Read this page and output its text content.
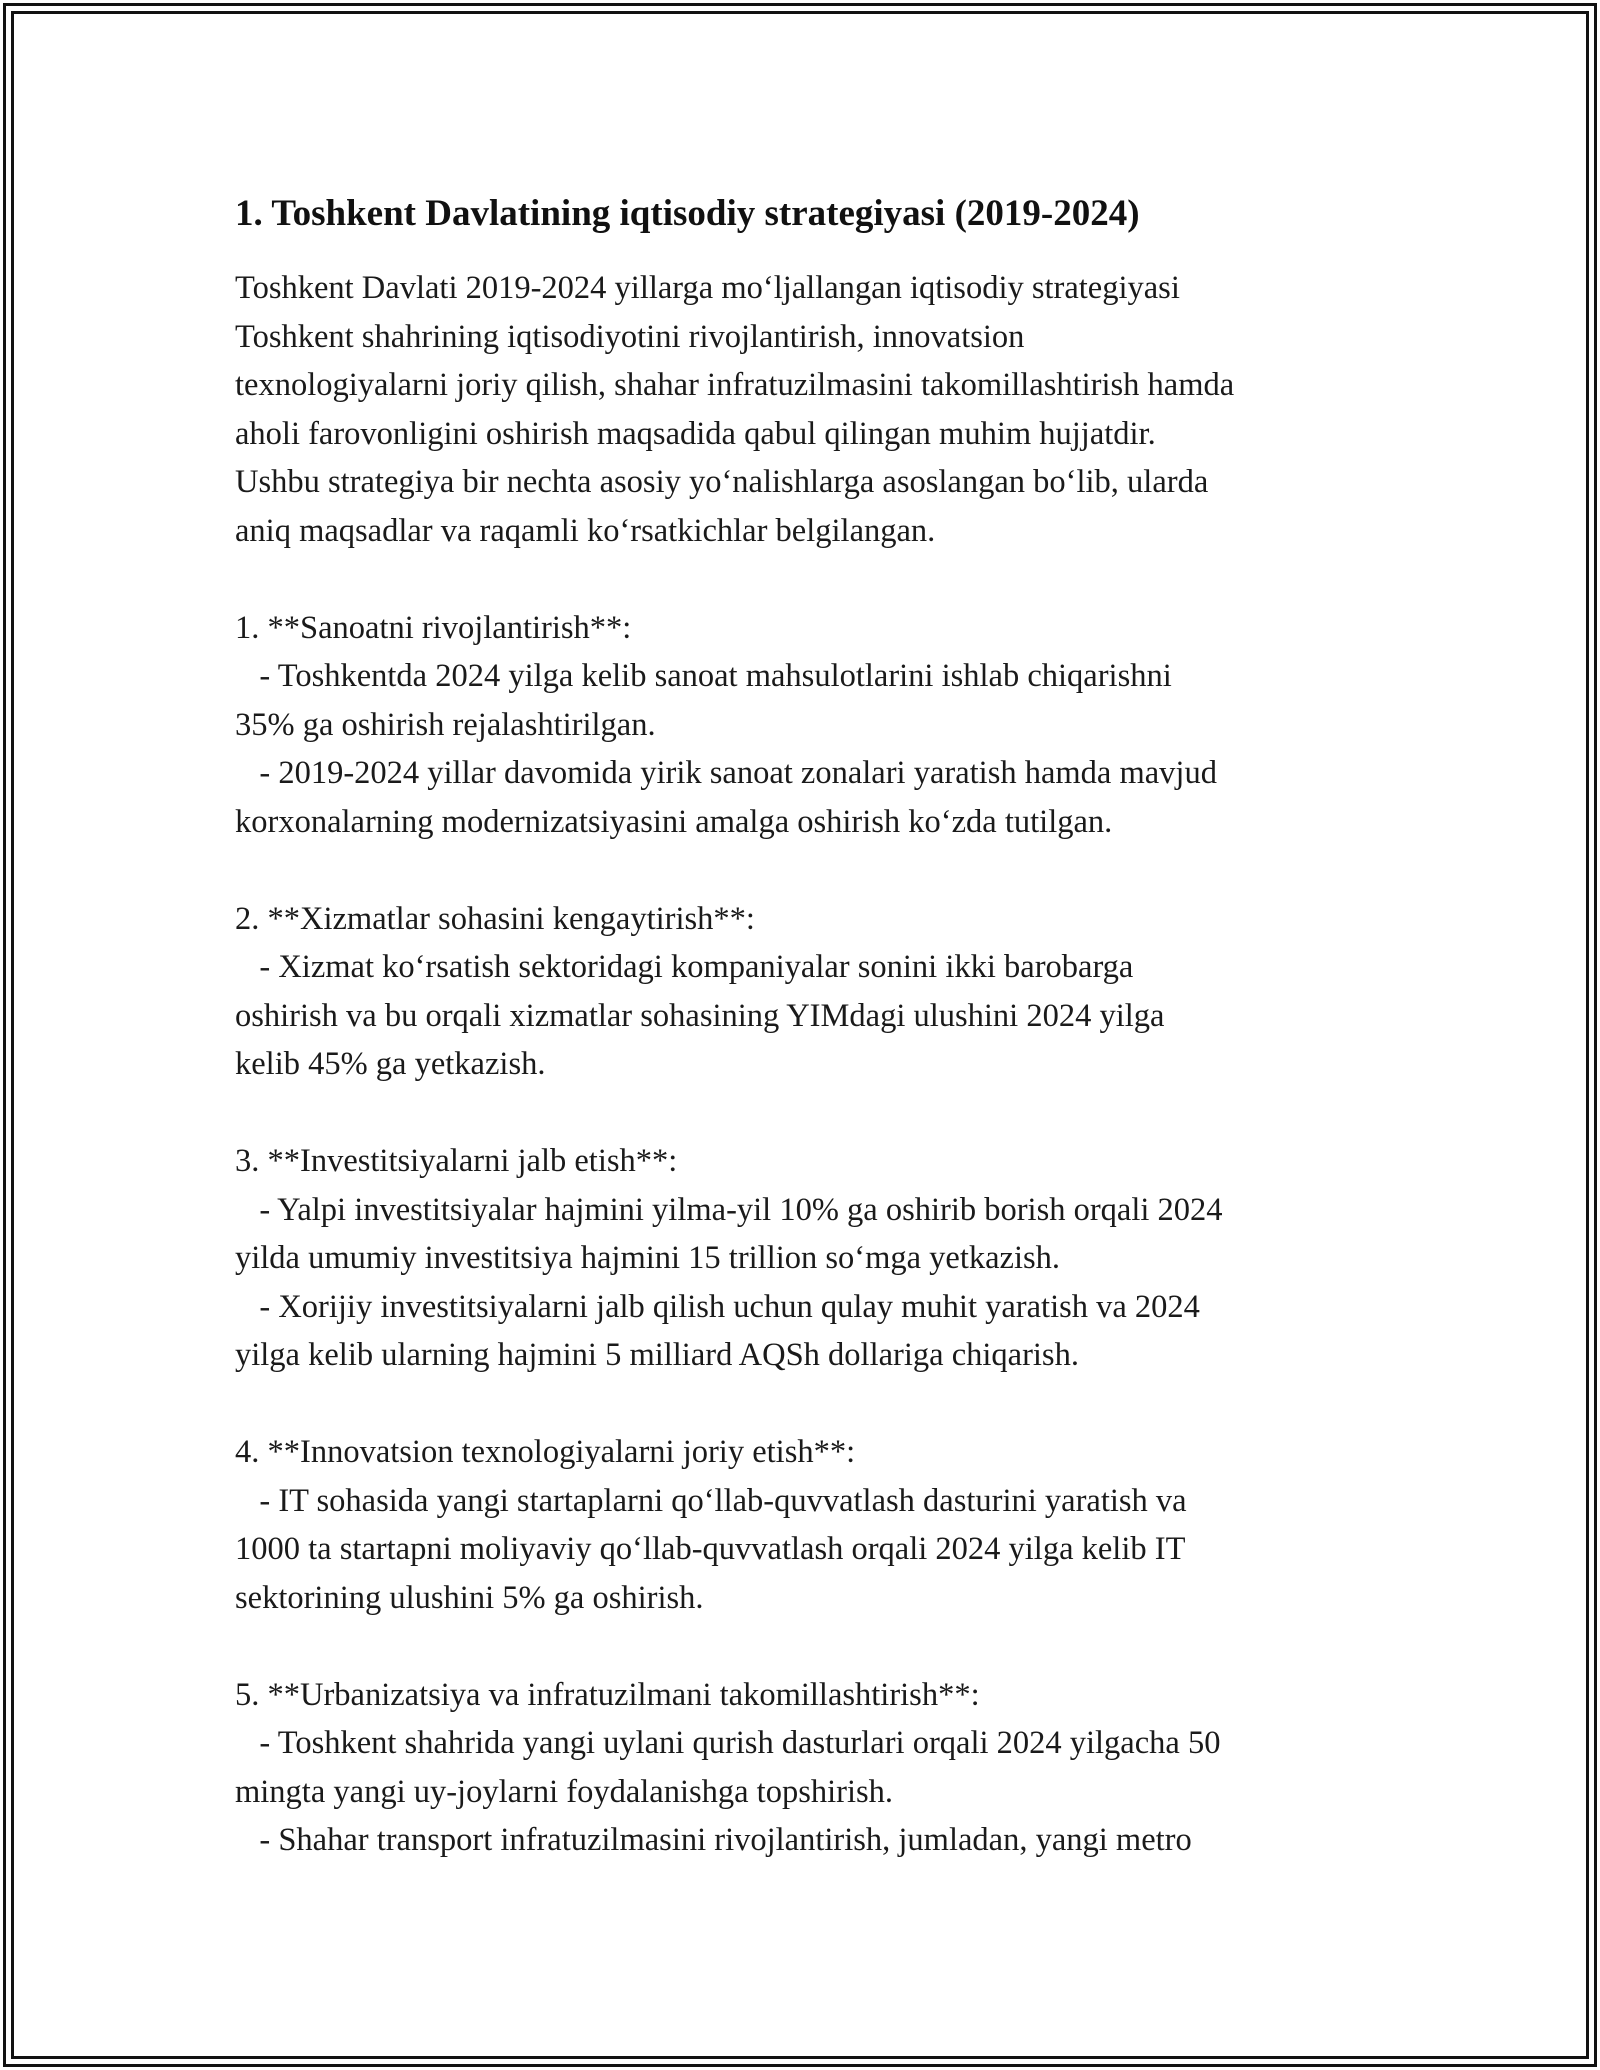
1. Toshkent Davlatining iqtisodiy strategiyasi (2019-2024)

Toshkent Davlati 2019-2024 yillarga mo‘ljallangan iqtisodiy strategiyasi
Toshkent shahrining iqtisodiyotini rivojlantirish, innovatsion
texnologiyalarni joriy qilish, shahar infratuzilmasini takomillashtirish hamda
aholi farovonligini oshirish maqsadida qabul qilingan muhim hujjatdir.
Ushbu strategiya bir nechta asosiy yo‘nalishlarga asoslangan bo‘lib, ularda
aniq maqsadlar va raqamli ko‘rsatkichlar belgilangan.

1. **Sanoatni rivojlantirish**:
- Toshkentda 2024 yilga kelib sanoat mahsulotlarini ishlab chiqarishni
35% ga oshirish rejalashtirilgan.
- 2019-2024 yillar davomida yirik sanoat zonalari yaratish hamda mavjud
korxonalarning modernizatsiyasini amalga oshirish ko‘zda tutilgan.

2. **Xizmatlar sohasini kengaytirish**:
- Xizmat ko‘rsatish sektoridagi kompaniyalar sonini ikki barobarga
oshirish va bu orqali xizmatlar sohasining YIMdagi ulushini 2024 yilga
kelib 45% ga yetkazish.

3. **Investitsiyalarni jalb etish**:
- Yalpi investitsiyalar hajmini yilma-yil 10% ga oshirib borish orqali 2024
yilda umumiy investitsiya hajmini 15 trillion so‘mga yetkazish.
- Xorijiy investitsiyalarni jalb qilish uchun qulay muhit yaratish va 2024
yilga kelib ularning hajmini 5 milliard AQSh dollariga chiqarish.

4. **Innovatsion texnologiyalarni joriy etish**:
- IT sohasida yangi startaplarni qo‘llab-quvvatlash dasturini yaratish va
1000 ta startapni moliyaviy qo‘llab-quvvatlash orqali 2024 yilga kelib IT
sektorining ulushini 5% ga oshirish.

5. **Urbanizatsiya va infratuzilmani takomillashtirish**:
- Toshkent shahrida yangi uylani qurish dasturlari orqali 2024 yilgacha 50
mingta yangi uy-joylarni foydalanishga topshirish.
- Shahar transport infratuzilmasini rivojlantirish, jumladan, yangi metro
